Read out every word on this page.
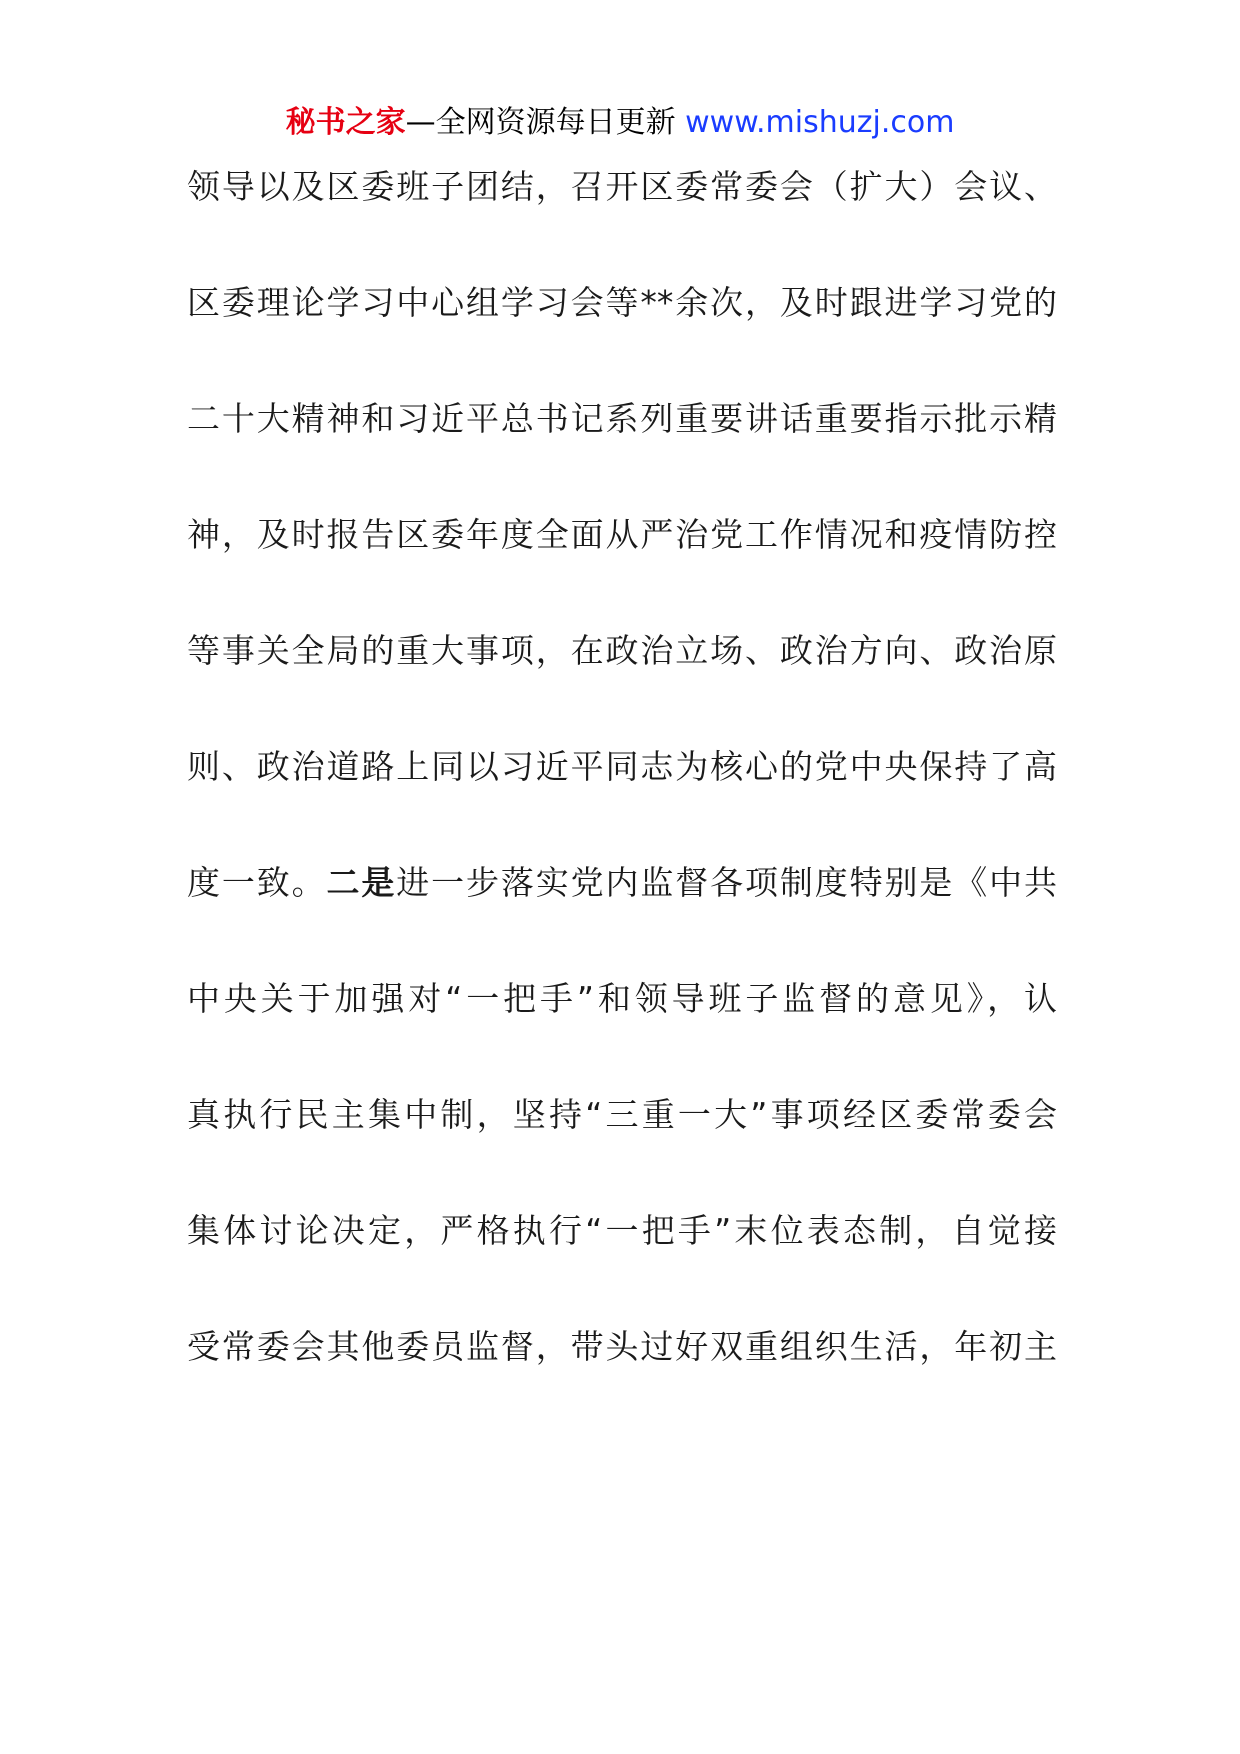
秘书之家—全网资源每日更新 www.mishuzj.com
领导以及区委班子团结，召开区委常委会（扩大）会议、
区委理论学习中心组学习会等**余次，及时跟进学习党的
二十大精神和习近平总书记系列重要讲话重要指示批示精
神，及时报告区委年度全面从严治党工作情况和疫情防控
等事关全局的重大事项，在政治立场、政治方向、政治原
则、政治道路上同以习近平同志为核心的党中央保持了高
度一致。二是进一步落实党内监督各项制度特别是《中共
中央关于加强对“一把手”和领导班子监督的意见》，认
真执行民主集中制，坚持“三重一大”事项经区委常委会
集体讨论决定，严格执行“一把手”末位表态制，自觉接
受常委会其他委员监督，带头过好双重组织生活，年初主
